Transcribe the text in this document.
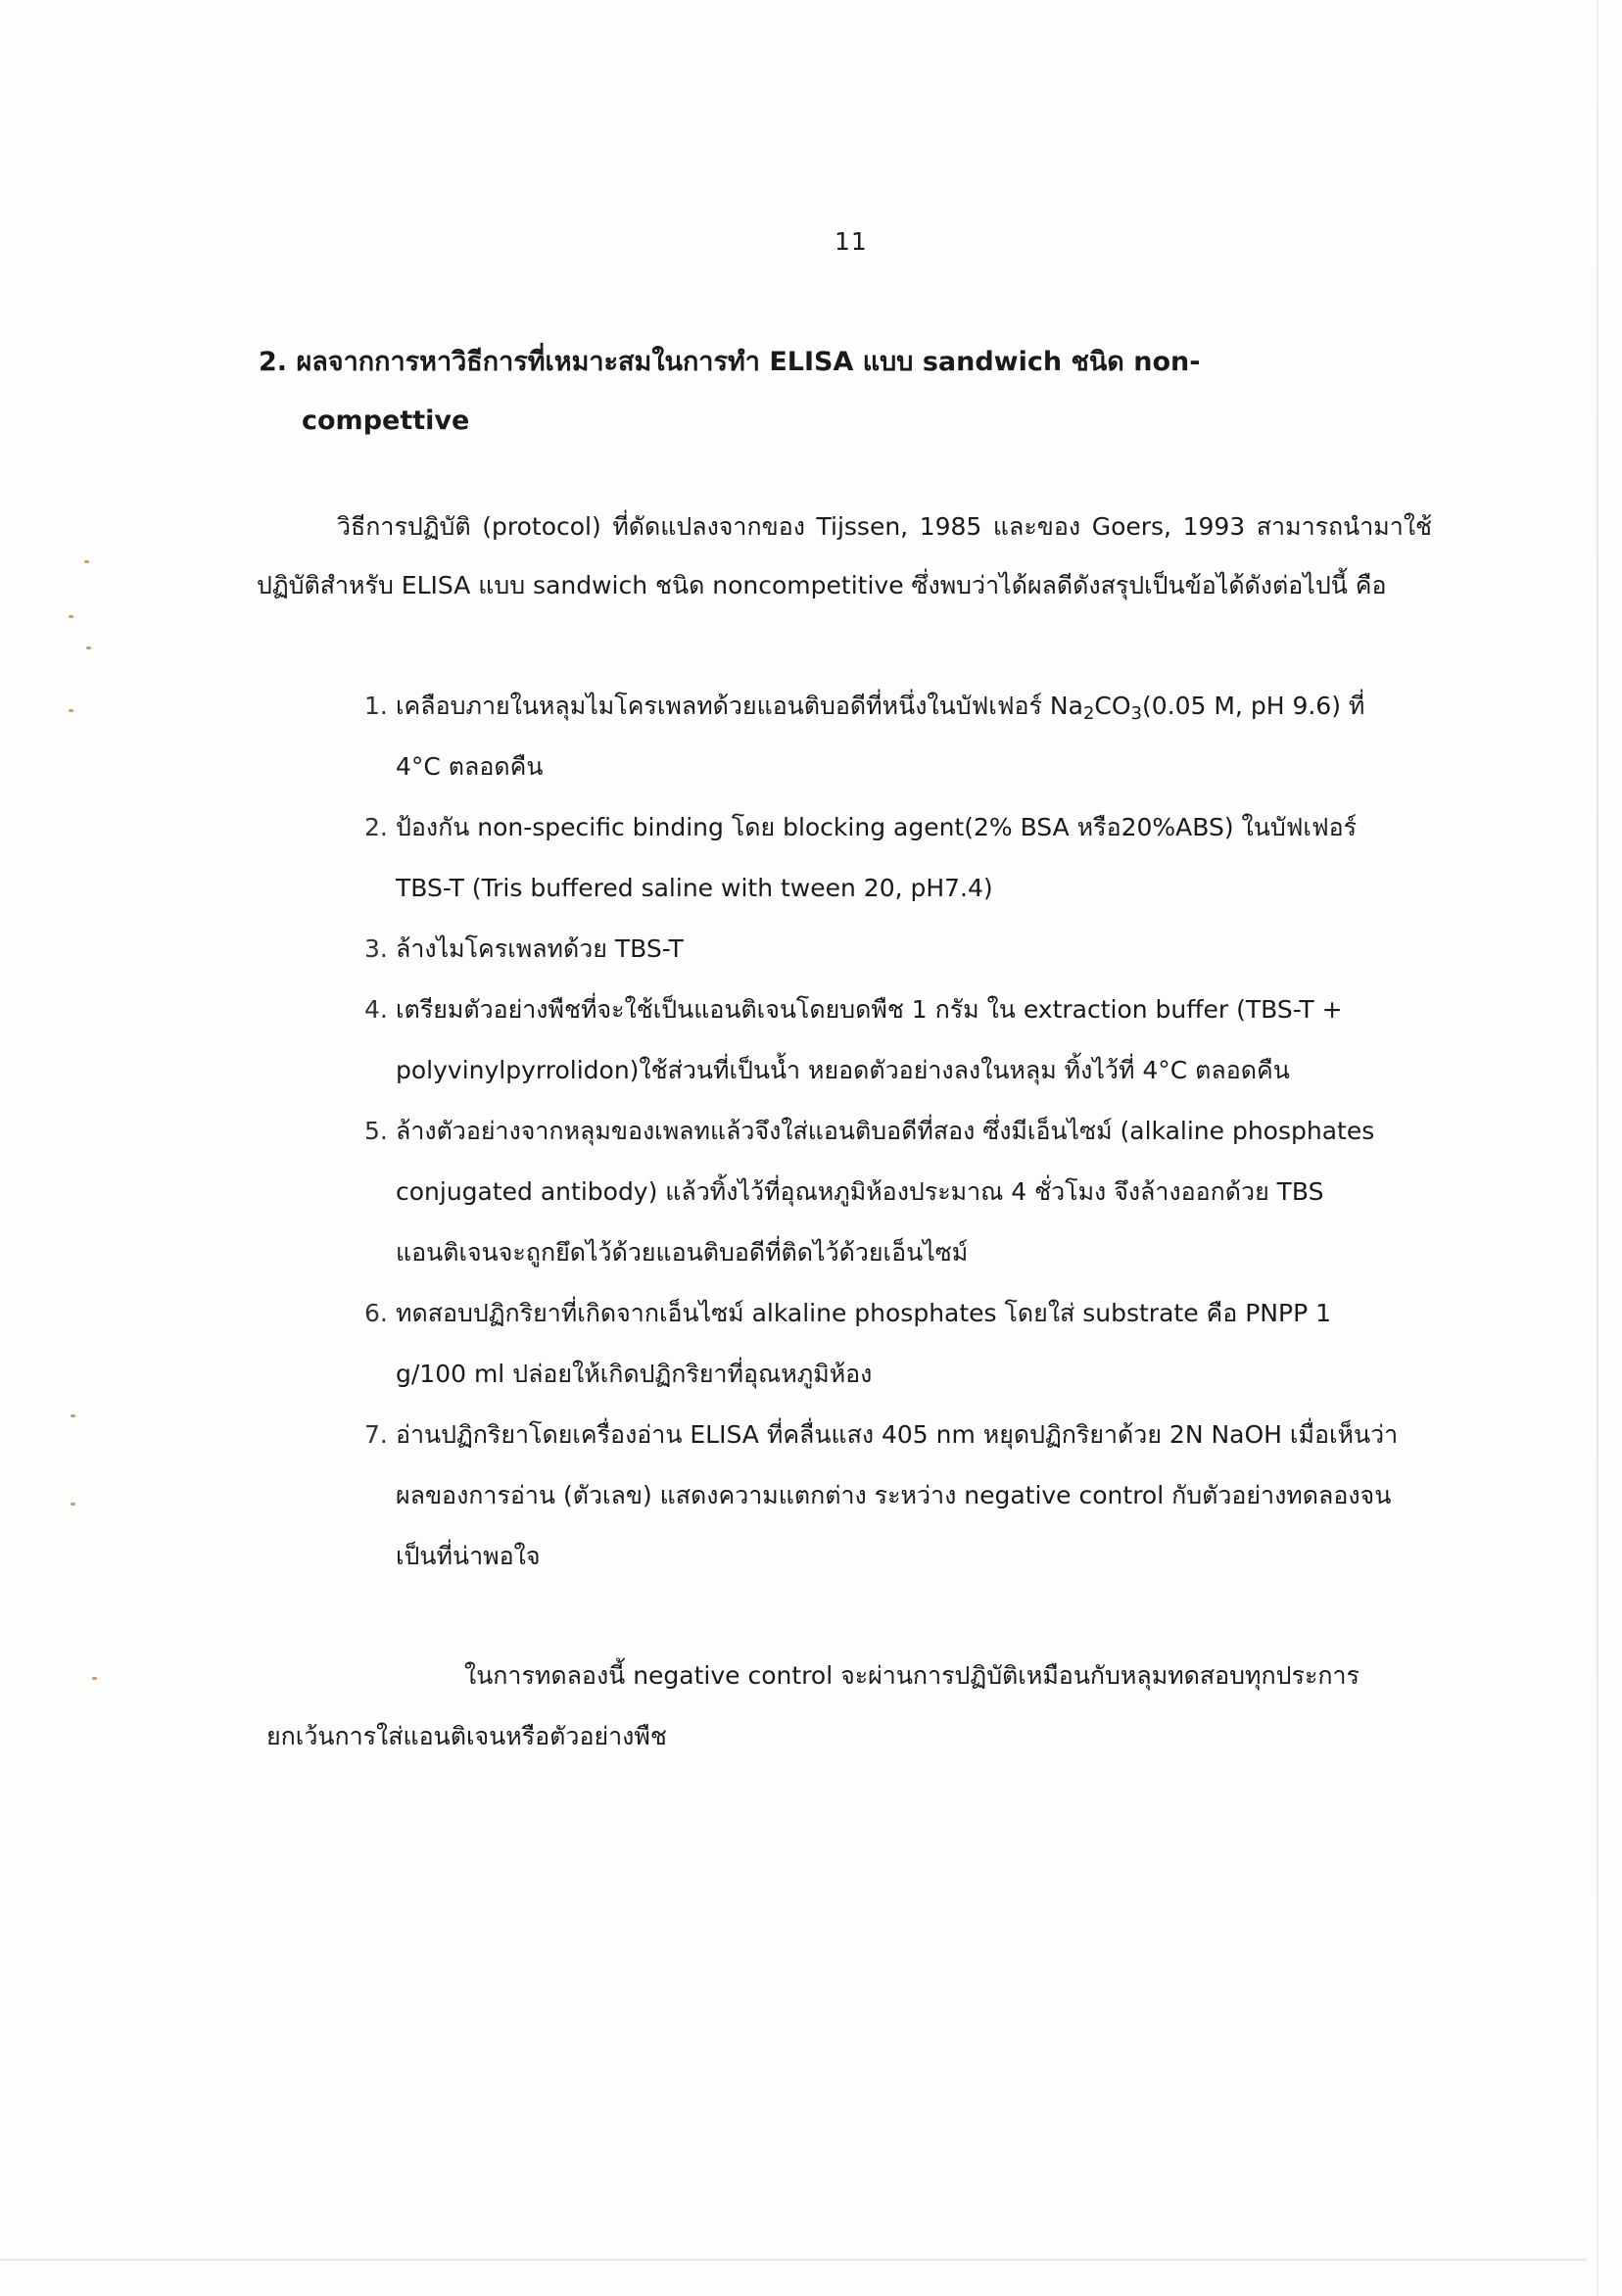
11
2. ผลจากการหาวิธีการที่เหมาะสมในการทำ ELISA แบบ sandwich ชนิด non-
compettive
วิธีการปฏิบัติ (protocol) ที่ดัดแปลงจากของ Tijssen, 1985 และของ Goers, 1993 สามารถนำมาใช้ปฏิบัติสำหรับ ELISA แบบ sandwich ชนิด noncompetitive ซึ่งพบว่าได้ผลดีดังสรุปเป็นข้อได้ดังต่อไปนี้ คือ
1. เคลือบภายในหลุมไมโครเพลทด้วยแอนติบอดีที่หนึ่งในบัฟเฟอร์ $Na_2CO_3(0.05$ M, pH 9.6) ที่ 4°C ตลอดคืน
2. ป้องกัน non-specific binding โดย blocking agent(2% BSA หรือ20%ABS) ในบัฟเฟอร์ TBS-T (Tris buffered saline with tween 20, pH7.4)
3. ล้างไมโครเพลทด้วย TBS-T
4. เตรียมตัวอย่างพืชที่จะใช้เป็นแอนติเจนโดยบดพืช 1 กรัม ใน extraction buffer (TBS-T + polyvinylpyrrolidon)ใช้ส่วนที่เป็นน้ำ หยอดตัวอย่างลงในหลุม ทิ้งไว้ที่ 4°C ตลอดคืน
5. ล้างตัวอย่างจากหลุมของเพลทแล้วจึงใส่แอนติบอดีที่สอง ซึ่งมีเอ็นไซม์ (alkaline phosphates conjugated antibody) แล้วทิ้งไว้ที่อุณหภูมิห้องประมาณ 4 ชั่วโมง จึงล้างออกด้วย TBS แอนติเจนจะถูกยึดไว้ด้วยแอนติบอดีที่ติดไว้ด้วยเอ็นไซม์
6. ทดสอบปฏิกริยาที่เกิดจากเอ็นไซม์ alkaline phosphates โดยใส่ substrate คือ PNPP 1 g/100 ml ปล่อยให้เกิดปฏิกริยาที่อุณหภูมิห้อง
7. อ่านปฏิกริยาโดยเครื่องอ่าน ELISA ที่คลื่นแสง 405 nm หยุดปฏิกริยาด้วย 2N NaOH เมื่อเห็นว่าผลของการอ่าน (ตัวเลข) แสดงความแตกต่าง ระหว่าง negative control กับตัวอย่างทดลองจนเป็นที่น่าพอใจ
ในการทดลองนี้ negative control จะผ่านการปฏิบัติเหมือนกับหลุมทดสอบทุกประการยกเว้นการใส่แอนติเจนหรือตัวอย่างพืช
